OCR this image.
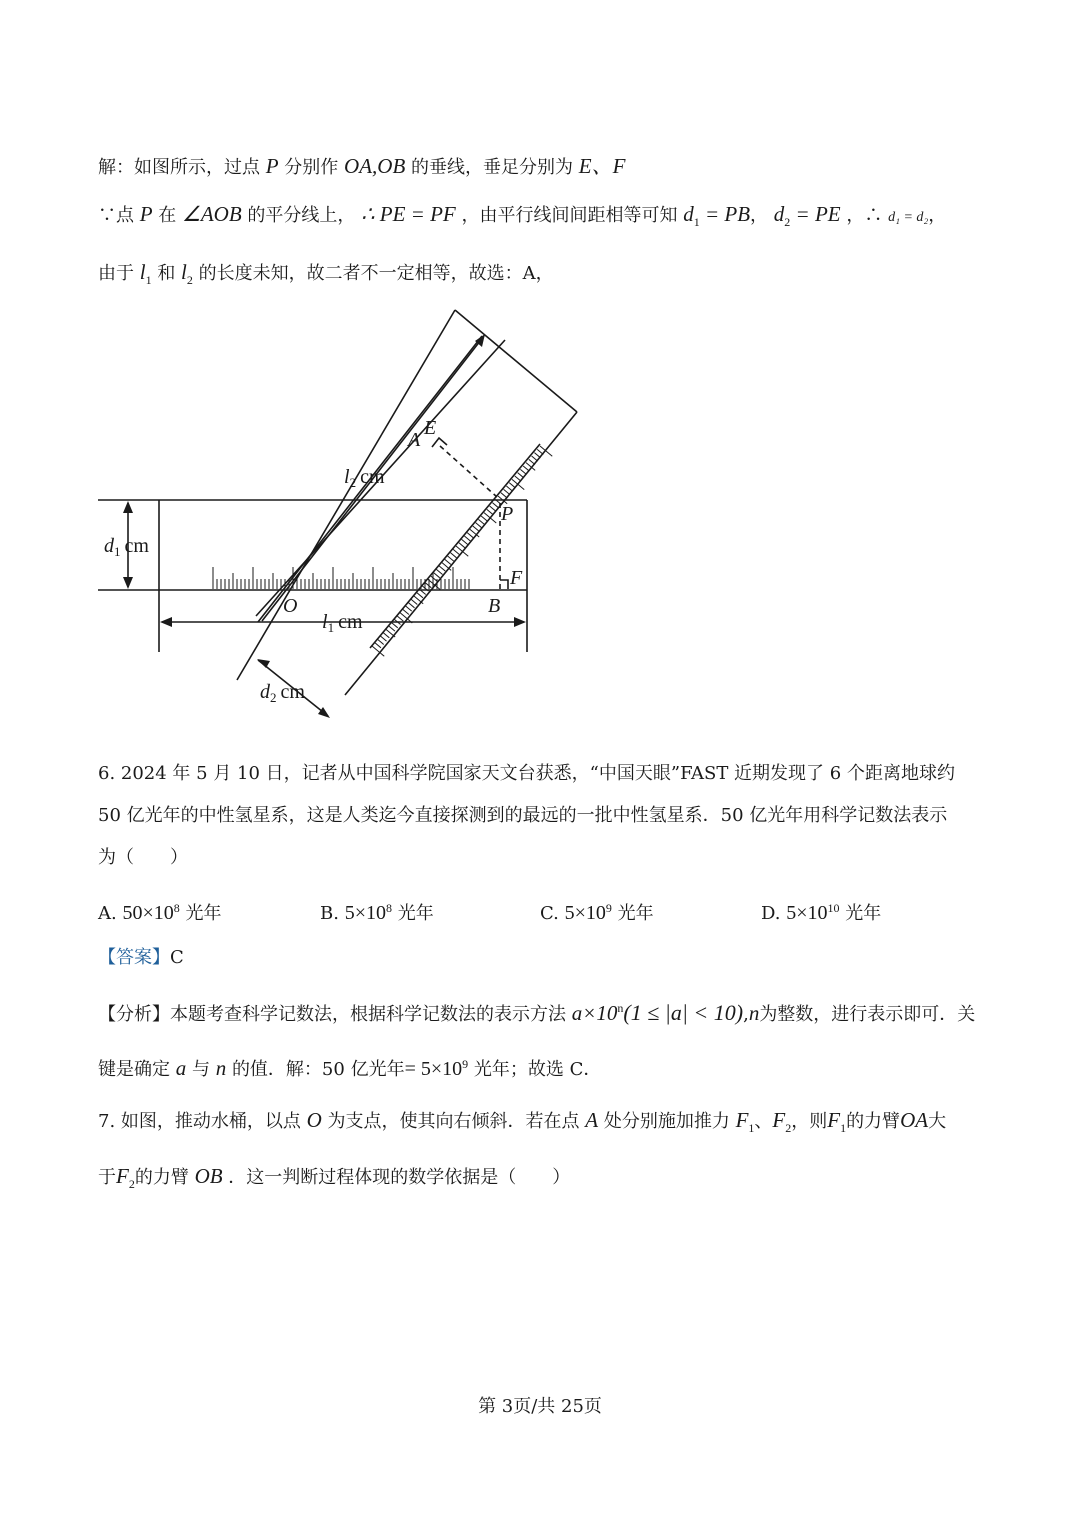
解：如图所示，过点 P 分别作 OA,OB 的垂线，垂足分别为 E、F
∵点 P 在 ∠AOB 的平分线上， ∴ PE = PF ，由平行线间间距相等可知 $d_1$ = PB， $d_2$ = PE ，∴ d₁ = d₂，
由于 $l_1$ 和 $l_2$ 的长度未知，故二者不一定相等，故选：A，
A
E
$l_2$ cm
$d_1$ cm
P
F
O	B
$l_1$ cm
$d_2$ cm
6. 2024 年 5 月 10 日，记者从中国科学院国家天文台获悉，“中国天眼”FAST 近期发现了 6 个距离地球约
50 亿光年的中性氢星系，这是人类迄今直接探测到的最远的一批中性氢星系．50 亿光年用科学记数法表示
为（　　）
A. $50\times 10^8$ 光年	B. $5\times 10^8$ 光年	C. $5\times 10^9$ 光年	D. $5\times 10^{10}$ 光年
【答案】C
【分析】本题考查科学记数法，根据科学记数法的表示方法 $a\times 10^n(1 \le |a| < 10),n$为整数，进行表示即可．关
键是确定 a 与 n 的值．解：50 亿光年= $5\times 10^9$ 光年；故选 C．
7. 如图，推动水桶，以点 O 为支点，使其向右倾斜．若在点 A 处分别施加推力 $F_1$、$F_2$，则$F_1$的力臂OA大
于$F_2$的力臂 OB ．这一判断过程体现的数学依据是（　　）
第 3页/共 25页
